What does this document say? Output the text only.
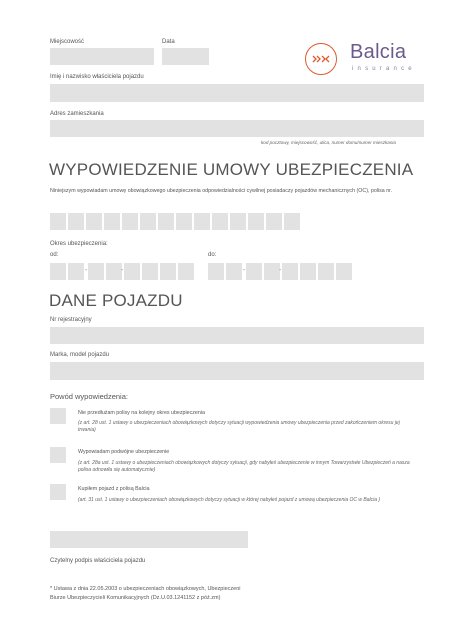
Miejscowość	Data	Balcia
insurance
Imię i nazwisko właściciela pojazdu
Adres zamieszkania
kod pocztowy, miejscowość, ulica, numer domu/numer mieszkania
WYPOWIEDZENIE UMOWY UBEZPIECZENIA
Niniejszym wypowiadam umowę obowiązkowego ubezpieczenia odpowiedzialności cywilnej posiadaczy pojazdów mechanicznych (OC), polisa nr.
Okres ubezpieczenia:
od:	do:
-	-	-	-
DANE POJAZDU
Nr rejestracyjny
Marka, model pojazdu
Powód wypowiedzenia:
Nie przedłużam polisy na kolejny okres ubezpieczenia
(z art. 28 ust. 1 ustawy o ubezpieczeniach obowiązkowych dotyczy sytuacji wypowiedzenia umowy ubezpieczenia przed zakończeniem okresu jej trwania)
Wypowiadam podwójne ubezpieczenie
(z art. 28a ust. 1 ustawy o ubezpieczeniach obowiązkowych dotyczy sytuacji, gdy nabyłeś ubezpieczenie w innym Towarzystwie Ubezpieczeń a nasza polisa odnowiła się automatycznie)
Kupiłem pojazd z polisą Balcia
(art. 31 ust. 1 ustawy o ubezpieczeniach obowiązkowych dotyczy sytuacji w której nabyłeś pojazd z umową ubezpieczenia OC w Balcia )
Czytelny podpis właściciela pojazdu
* Ustawa z dnia 22.05.2003 o ubezpieczeniach obowiązkowych, Ubezpieczeni
Biurze Ubezpieczycieli Komunikacyjnych (Dz.U.03.1241152 z póź.zm)
